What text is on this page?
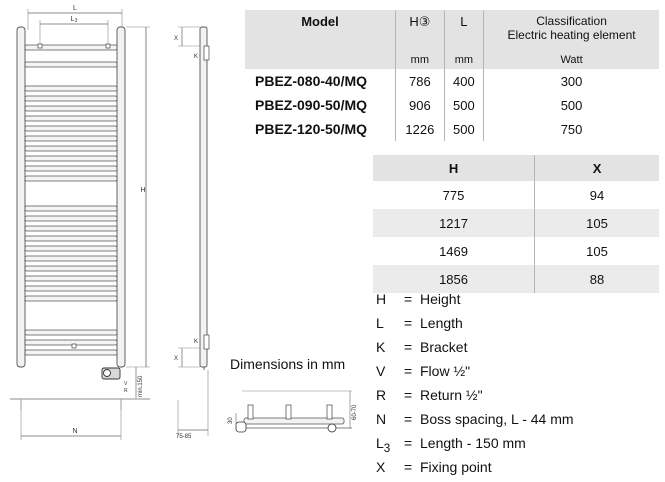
L
L3
H
V
R min.150
N
K
K
X
X
75-85
30
60-70
Model	H③	L	Classification
Electric heating element

	mm	mm	Watt
PBEZ-080-40/MQ	786	400	300
PBEZ-090-50/MQ	906	500	500
PBEZ-120-50/MQ	1226	500	750
H	X
775	94
1217	105
1469	105
1856	88
Dimensions in mm
H	= Height
L	= Length
K	= Bracket
V	= Flow ½"
R	= Return ½"
N	= Boss spacing, L - 44 mm
$L_3$ = Length - 150 mm
X	= Fixing point
